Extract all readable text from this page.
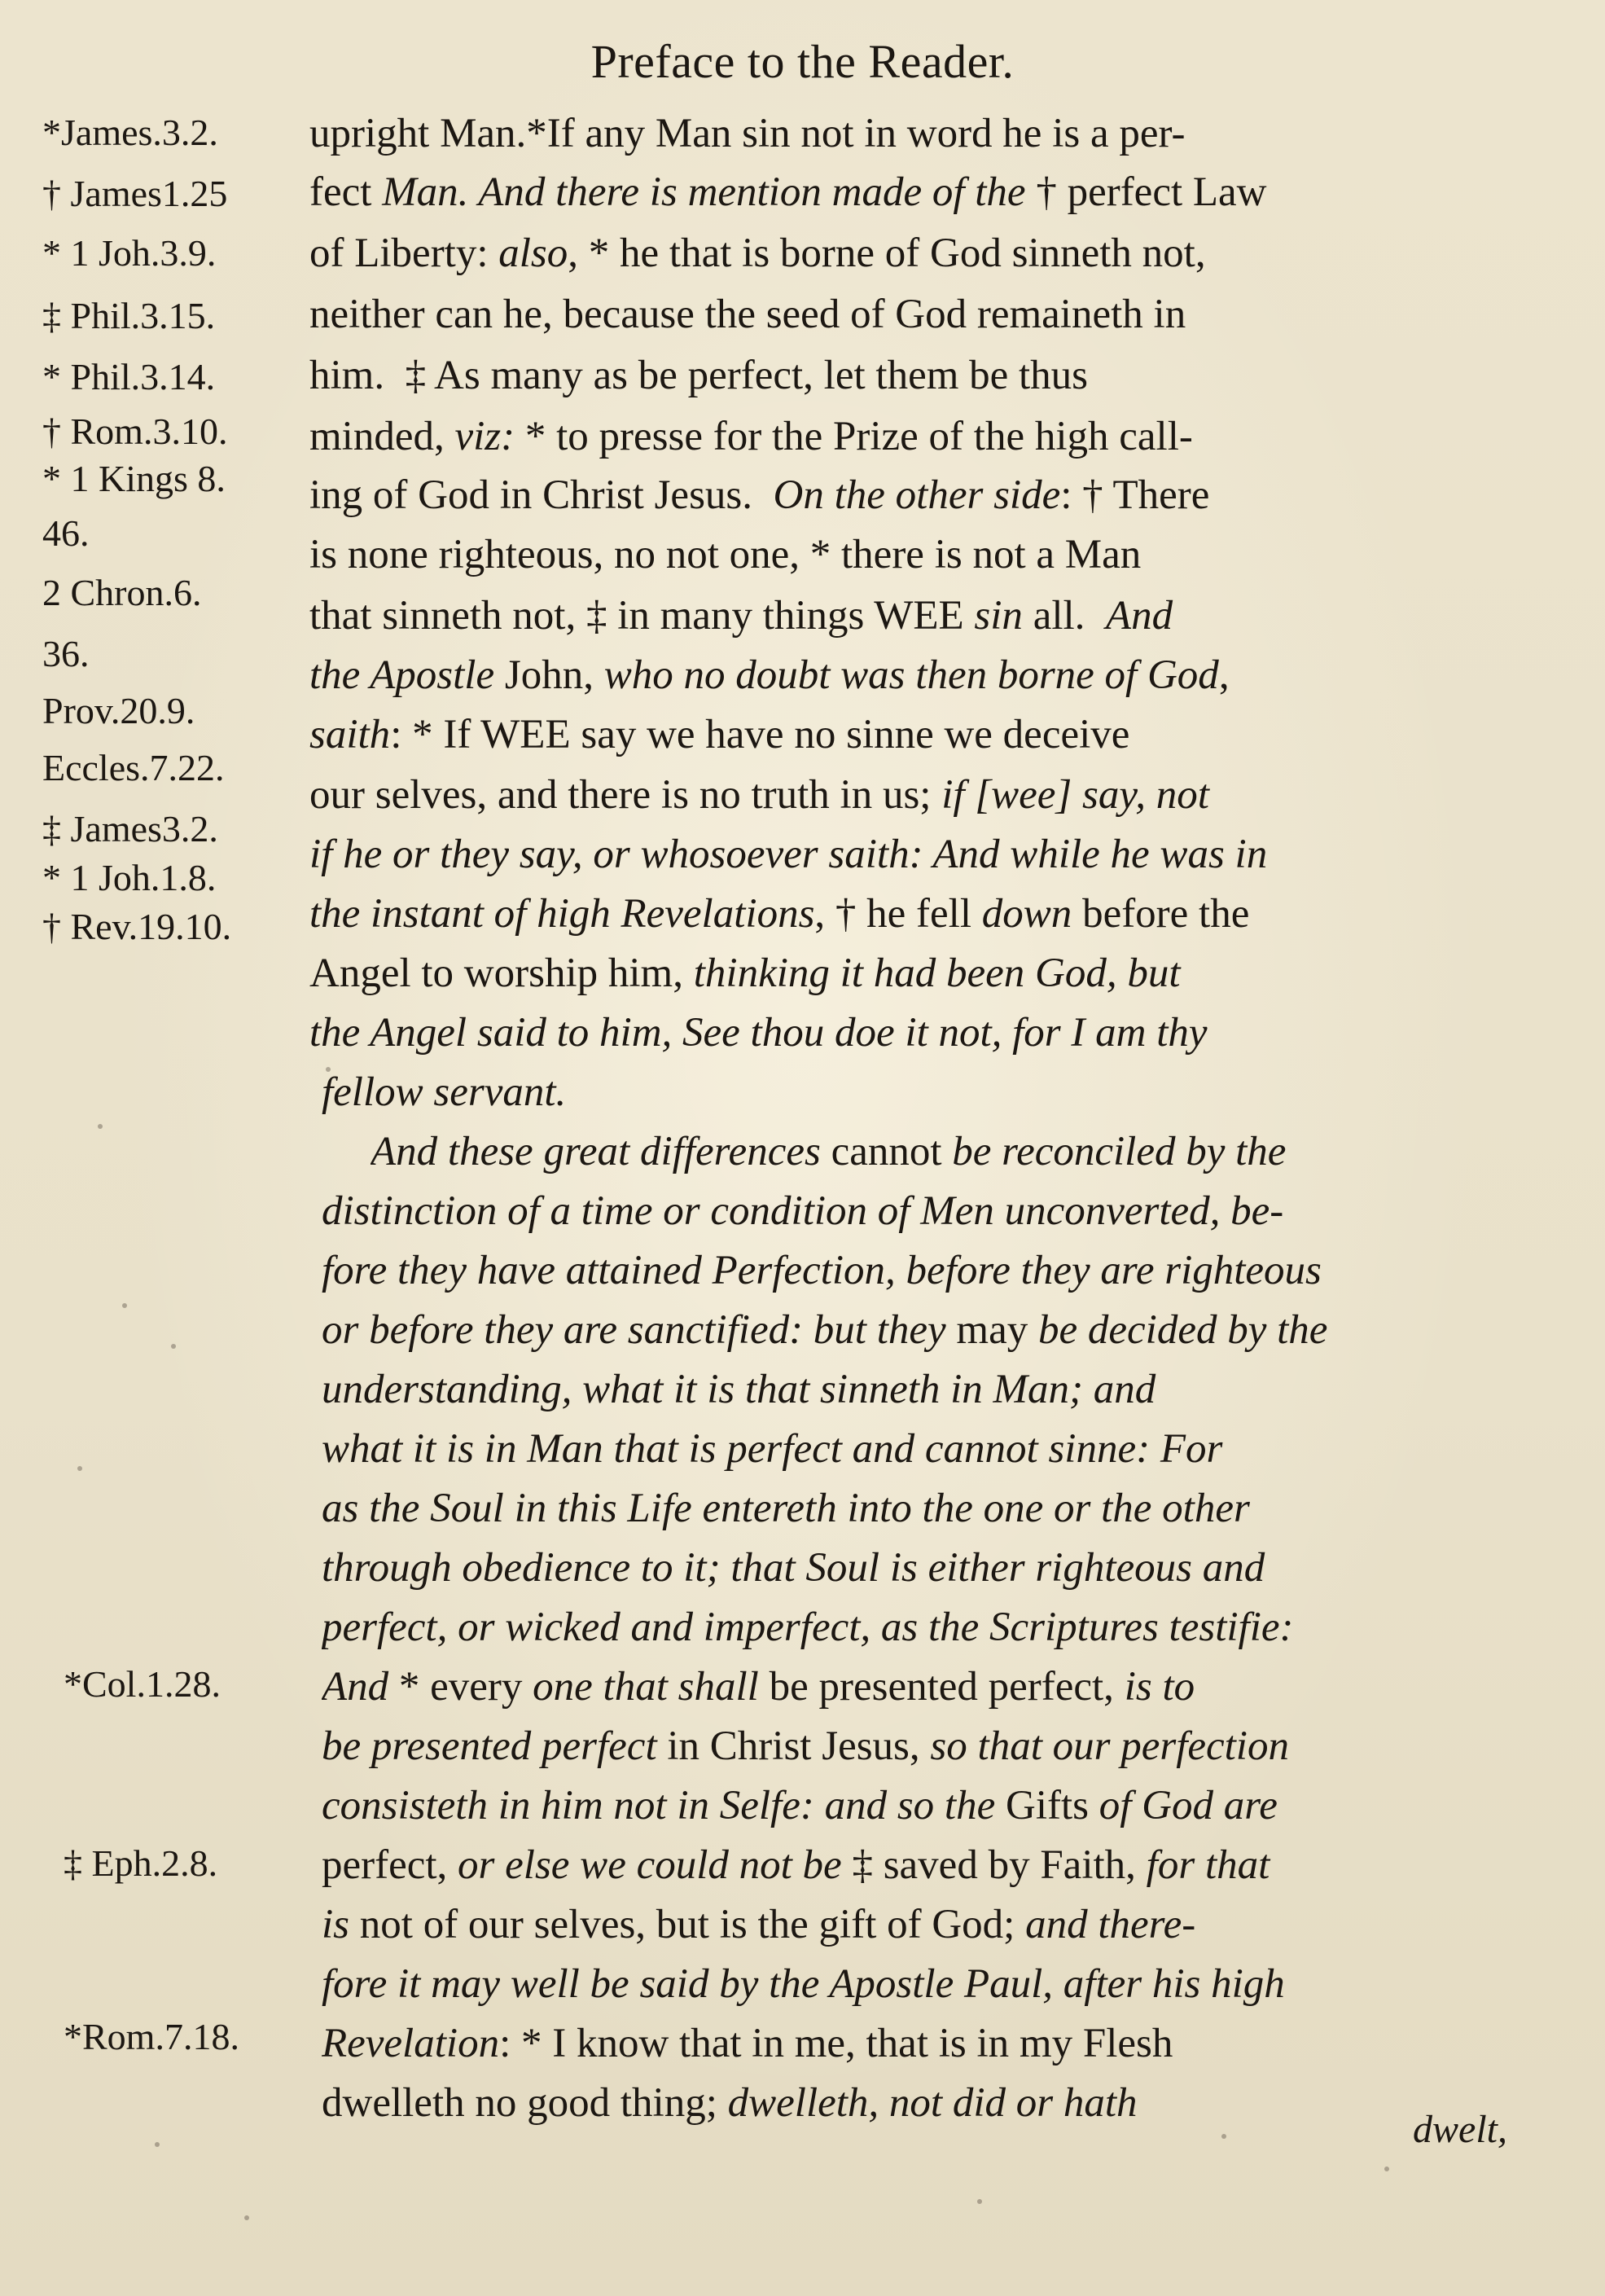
Preface to the Reader.
*James.3.2.
† James1.25
* 1 Joh.3.9.
‡ Phil.3.15.
* Phil.3.14.
† Rom.3.10.
* 1 Kings 8.
46.
2 Chron.6.
36.
Prov.20.9.
Eccles.7.22.
‡ James3.2.
* 1 Joh.1.8.
† Rev.19.10.
*Col.1.28.
‡ Eph.2.8.
*Rom.7.18.
upright Man.*If any Man sin not in word he is a per-
fect Man. And there is mention made of the † perfect Law
of Liberty: also, * he that is borne of God sinneth not,
neither can he, because the seed of God remaineth in
him.  ‡ As many as be perfect, let them be thus
minded, viz: * to presse for the Prize of the high call-
ing of God in Christ Jesus.  On the other side: † There
is none righteous, no not one, * there is not a Man
that sinneth not, ‡ in many things WEE sin all.  And
the Apostle John, who no doubt was then borne of God,
saith: * If WEE say we have no sinne we deceive
our selves, and there is no truth in us; if [wee] say, not
if he or they say, or whosoever saith: And while he was in
the instant of high Revelations, † he fell down before the
Angel to worship him, thinking it had been God, but
the Angel said to him, See thou doe it not, for I am thy
fellow servant.
And these great differences cannot be reconciled by the
distinction of a time or condition of Men unconverted, be-
fore they have attained Perfection, before they are righteous
or before they are sanctified: but they may be decided by the
understanding, what it is that sinneth in Man; and
what it is in Man that is perfect and cannot sinne: For
as the Soul in this Life entereth into the one or the other
through obedience to it; that Soul is either righteous and
perfect, or wicked and imperfect, as the Scriptures testifie:
And * every one that shall be presented perfect, is to
be presented perfect in Christ Jesus, so that our perfection
consisteth in him not in Selfe: and so the Gifts of God are
perfect, or else we could not be ‡ saved by Faith, for that
is not of our selves, but is the gift of God; and there-
fore it may well be said by the Apostle Paul, after his high
Revelation: * I know that in me, that is in my Flesh
dwelleth no good thing; dwelleth, not did or hath
dwelt,
